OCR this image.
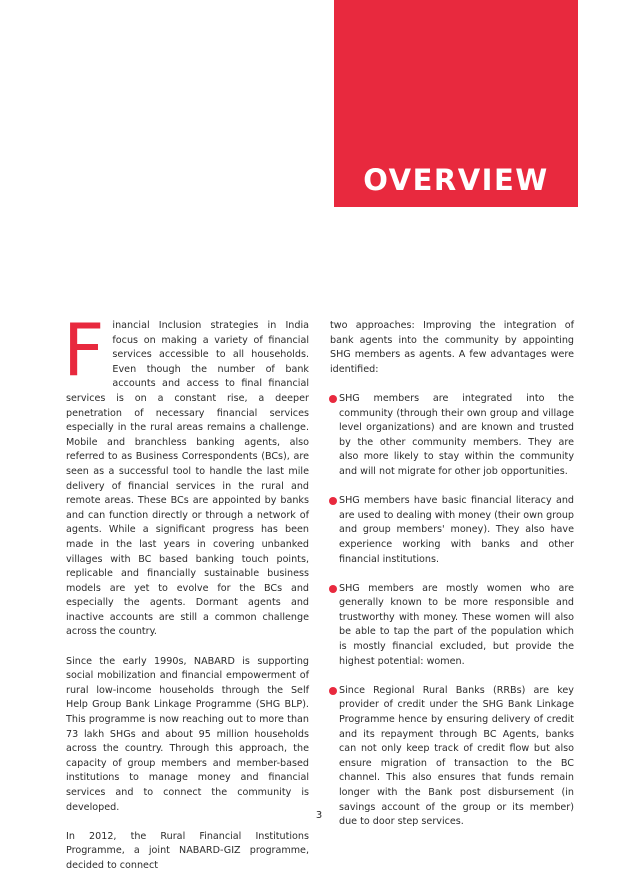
OVERVIEW

Financial Inclusion strategies in India focus on making a variety of financial services accessible to all households. Even though the number of bank accounts and access to final financial services is on a constant rise, a deeper penetration of necessary financial services especially in the rural areas remains a challenge. Mobile and branchless banking agents, also referred to as Business Correspondents (BCs), are seen as a successful tool to handle the last mile delivery of financial services in the rural and remote areas. These BCs are appointed by banks and can function directly or through a network of agents. While a significant progress has been made in the last years in covering unbanked villages with BC based banking touch points, replicable and financially sustainable business models are yet to evolve for the BCs and especially the agents. Dormant agents and inactive accounts are still a common challenge across the country.

Since the early 1990s, NABARD is supporting social mobilization and financial empowerment of rural low-income households through the Self Help Group Bank Linkage Programme (SHG BLP). This programme is now reaching out to more than 73 lakh SHGs and about 95 million households across the country. Through this approach, the capacity of group members and member-based institutions to manage money and financial services and to connect the community is developed.

In 2012, the Rural Financial Institutions Programme, a joint NABARD-GIZ programme, decided to connect

two approaches: Improving the integration of bank agents into the community by appointing SHG members as agents. A few advantages were identified:

SHG members are integrated into the community (through their own group and village level organizations) and are known and trusted by the other community members. They are also more likely to stay within the community and will not migrate for other job opportunities.
SHG members have basic financial literacy and are used to dealing with money (their own group and group members' money). They also have experience working with banks and other financial institutions.
SHG members are mostly women who are generally known to be more responsible and trustworthy with money. These women will also be able to tap the part of the population which is mostly financial excluded, but provide the highest potential: women.
Since Regional Rural Banks (RRBs) are key provider of credit under the SHG Bank Linkage Programme hence by ensuring delivery of credit and its repayment through BC Agents, banks can not only keep track of credit flow but also ensure migration of transaction to the BC channel. This also ensures that funds remain longer with the Bank post disbursement (in savings account of the group or its member) due to door step services.
3
